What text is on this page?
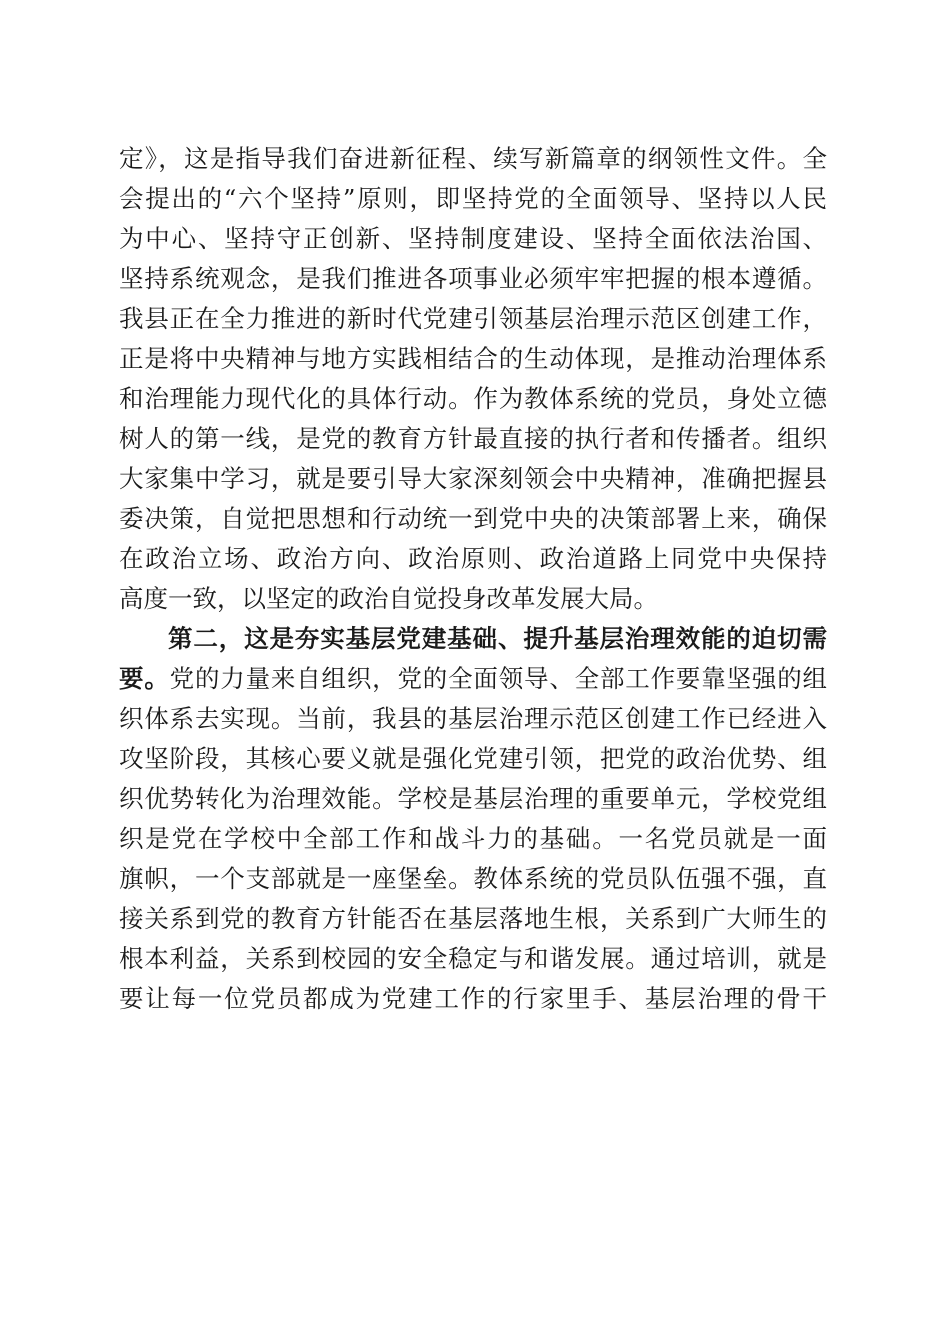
定》，这是指导我们奋进新征程、续写新篇章的纲领性文件。全
会提出的“六个坚持”原则，即坚持党的全面领导、坚持以人民
为中心、坚持守正创新、坚持制度建设、坚持全面依法治国、
坚持系统观念，是我们推进各项事业必须牢牢把握的根本遵循。
我县正在全力推进的新时代党建引领基层治理示范区创建工作，
正是将中央精神与地方实践相结合的生动体现，是推动治理体系
和治理能力现代化的具体行动。作为教体系统的党员，身处立德
树人的第一线，是党的教育方针最直接的执行者和传播者。组织
大家集中学习，就是要引导大家深刻领会中央精神，准确把握县
委决策，自觉把思想和行动统一到党中央的决策部署上来，确保
在政治立场、政治方向、政治原则、政治道路上同党中央保持
高度一致，以坚定的政治自觉投身改革发展大局。
第二，这是夯实基层党建基础、提升基层治理效能的迫切需
要。党的力量来自组织，党的全面领导、全部工作要靠坚强的组
织体系去实现。当前，我县的基层治理示范区创建工作已经进入
攻坚阶段，其核心要义就是强化党建引领，把党的政治优势、组
织优势转化为治理效能。学校是基层治理的重要单元，学校党组
织是党在学校中全部工作和战斗力的基础。一名党员就是一面
旗帜，一个支部就是一座堡垒。教体系统的党员队伍强不强，直
接关系到党的教育方针能否在基层落地生根，关系到广大师生的
根本利益，关系到校园的安全稳定与和谐发展。通过培训，就是
要让每一位党员都成为党建工作的行家里手、基层治理的骨干
